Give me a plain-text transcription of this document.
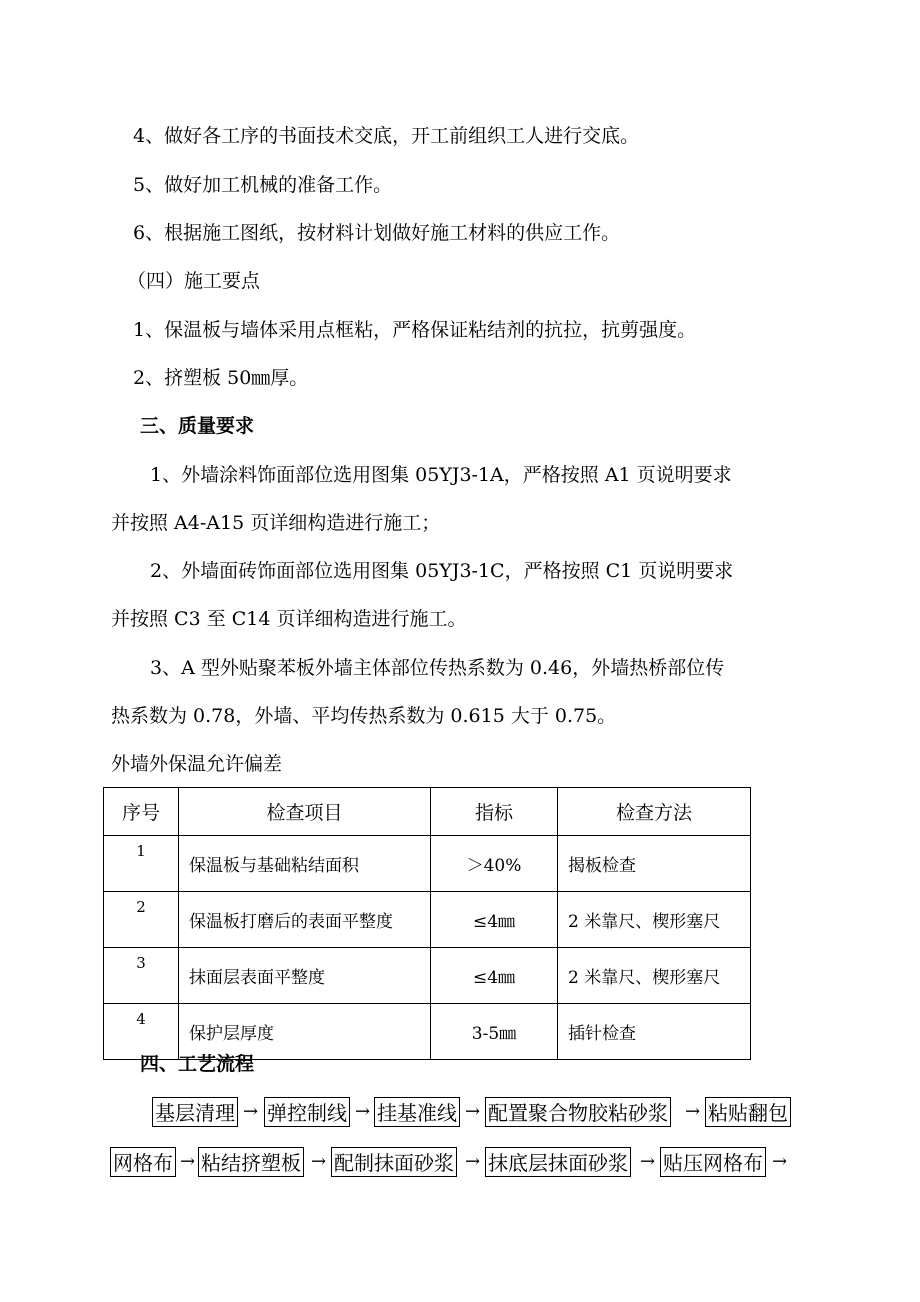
4、做好各工序的书面技术交底，开工前组织工人进行交底。
5、做好加工机械的准备工作。
6、根据施工图纸，按材料计划做好施工材料的供应工作。
（四）施工要点
1、保温板与墙体采用点框粘，严格保证粘结剂的抗拉，抗剪强度。
2、挤塑板 50㎜厚。
三、质量要求
1、外墙涂料饰面部位选用图集 05YJ3-1A，严格按照 A1 页说明要求
并按照 A4-A15 页详细构造进行施工；
2、外墙面砖饰面部位选用图集 05YJ3-1C，严格按照 C1 页说明要求
并按照 C3 至 C14 页详细构造进行施工。
3、A 型外贴聚苯板外墙主体部位传热系数为 0.46，外墙热桥部位传
热系数为 0.78，外墙、平均传热系数为 0.615 大于 0.75。
外墙外保温允许偏差
序号	检查项目	指标	检查方法
1	保温板与基础粘结面积	＞40%	揭板检查
2	保温板打磨后的表面平整度	≤4㎜	2 米靠尺、楔形塞尺
3	抹面层表面平整度	≤4㎜	2 米靠尺、楔形塞尺
4	保护层厚度	3-5㎜	插针检查
四、工艺流程
基层清理 → 弹控制线 → 挂基准线 → 配置聚合物胶粘砂浆 → 粘贴翻包
网格布 → 粘结挤塑板 → 配制抹面砂浆 → 抹底层抹面砂浆 → 贴压网格布 →
